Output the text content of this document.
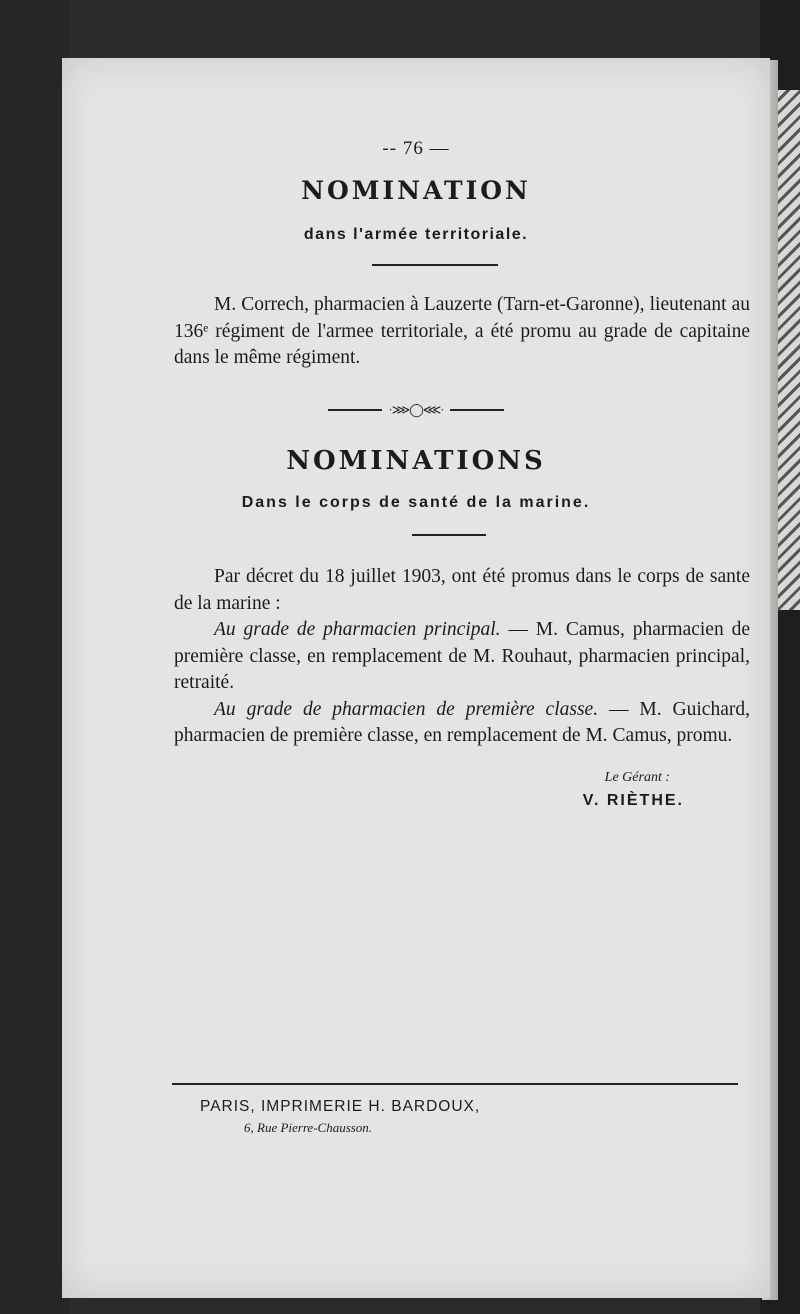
-- 76 —
NOMINATION
dans l'armée territoriale.

M. Correch, pharmacien à Lauzerte (Tarn-et-Garonne), lieutenant au 136ᵉ régiment de l'armee territoriale, a été promu au grade de capitaine dans le même régiment.

·⋙◯⋘·
NOMINATIONS
Dans le corps de santé de la marine.

Par décret du 18 juillet 1903, ont été promus dans le corps de sante de la marine :

Au grade de pharmacien principal. — M. Camus, pharmacien de première classe, en remplacement de M. Rouhaut, pharmacien principal, retraité.

Au grade de pharmacien de première classe. — M. Guichard, pharmacien de première classe, en remplacement de M. Camus, promu.

Le Gérant :
V. RIÈTHE.
PARIS, IMPRIMERIE H. BARDOUX,
6, Rue Pierre-Chausson.
